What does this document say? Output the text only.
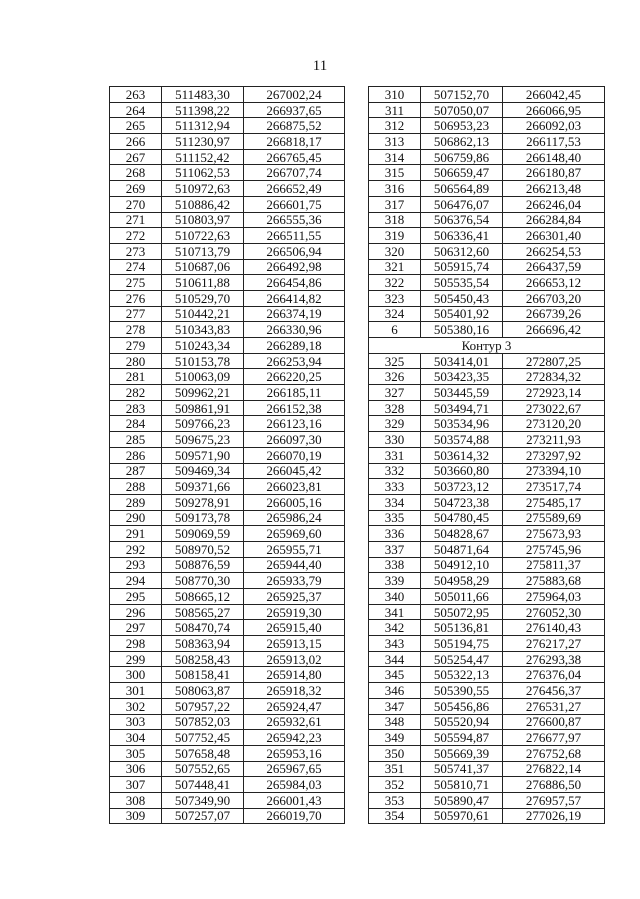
11
263	511483,30	267002,24
264	511398,22	266937,65
265	511312,94	266875,52
266	511230,97	266818,17
267	511152,42	266765,45
268	511062,53	266707,74
269	510972,63	266652,49
270	510886,42	266601,75
271	510803,97	266555,36
272	510722,63	266511,55
273	510713,79	266506,94
274	510687,06	266492,98
275	510611,88	266454,86
276	510529,70	266414,82
277	510442,21	266374,19
278	510343,83	266330,96
279	510243,34	266289,18
280	510153,78	266253,94
281	510063,09	266220,25
282	509962,21	266185,11
283	509861,91	266152,38
284	509766,23	266123,16
285	509675,23	266097,30
286	509571,90	266070,19
287	509469,34	266045,42
288	509371,66	266023,81
289	509278,91	266005,16
290	509173,78	265986,24
291	509069,59	265969,60
292	508970,52	265955,71
293	508876,59	265944,40
294	508770,30	265933,79
295	508665,12	265925,37
296	508565,27	265919,30
297	508470,74	265915,40
298	508363,94	265913,15
299	508258,43	265913,02
300	508158,41	265914,80
301	508063,87	265918,32
302	507957,22	265924,47
303	507852,03	265932,61
304	507752,45	265942,23
305	507658,48	265953,16
306	507552,65	265967,65
307	507448,41	265984,03
308	507349,90	266001,43
309	507257,07	266019,70
310	507152,70	266042,45
311	507050,07	266066,95
312	506953,23	266092,03
313	506862,13	266117,53
314	506759,86	266148,40
315	506659,47	266180,87
316	506564,89	266213,48
317	506476,07	266246,04
318	506376,54	266284,84
319	506336,41	266301,40
320	506312,60	266254,53
321	505915,74	266437,59
322	505535,54	266653,12
323	505450,43	266703,20
324	505401,92	266739,26
6	505380,16	266696,42
Контур 3		
325	503414,01	272807,25
326	503423,35	272834,32
327	503445,59	272923,14
328	503494,71	273022,67
329	503534,96	273120,20
330	503574,88	273211,93
331	503614,32	273297,92
332	503660,80	273394,10
333	503723,12	273517,74
334	504723,38	275485,17
335	504780,45	275589,69
336	504828,67	275673,93
337	504871,64	275745,96
338	504912,10	275811,37
339	504958,29	275883,68
340	505011,66	275964,03
341	505072,95	276052,30
342	505136,81	276140,43
343	505194,75	276217,27
344	505254,47	276293,38
345	505322,13	276376,04
346	505390,55	276456,37
347	505456,86	276531,27
348	505520,94	276600,87
349	505594,87	276677,97
350	505669,39	276752,68
351	505741,37	276822,14
352	505810,71	276886,50
353	505890,47	276957,57
354	505970,61	277026,19
